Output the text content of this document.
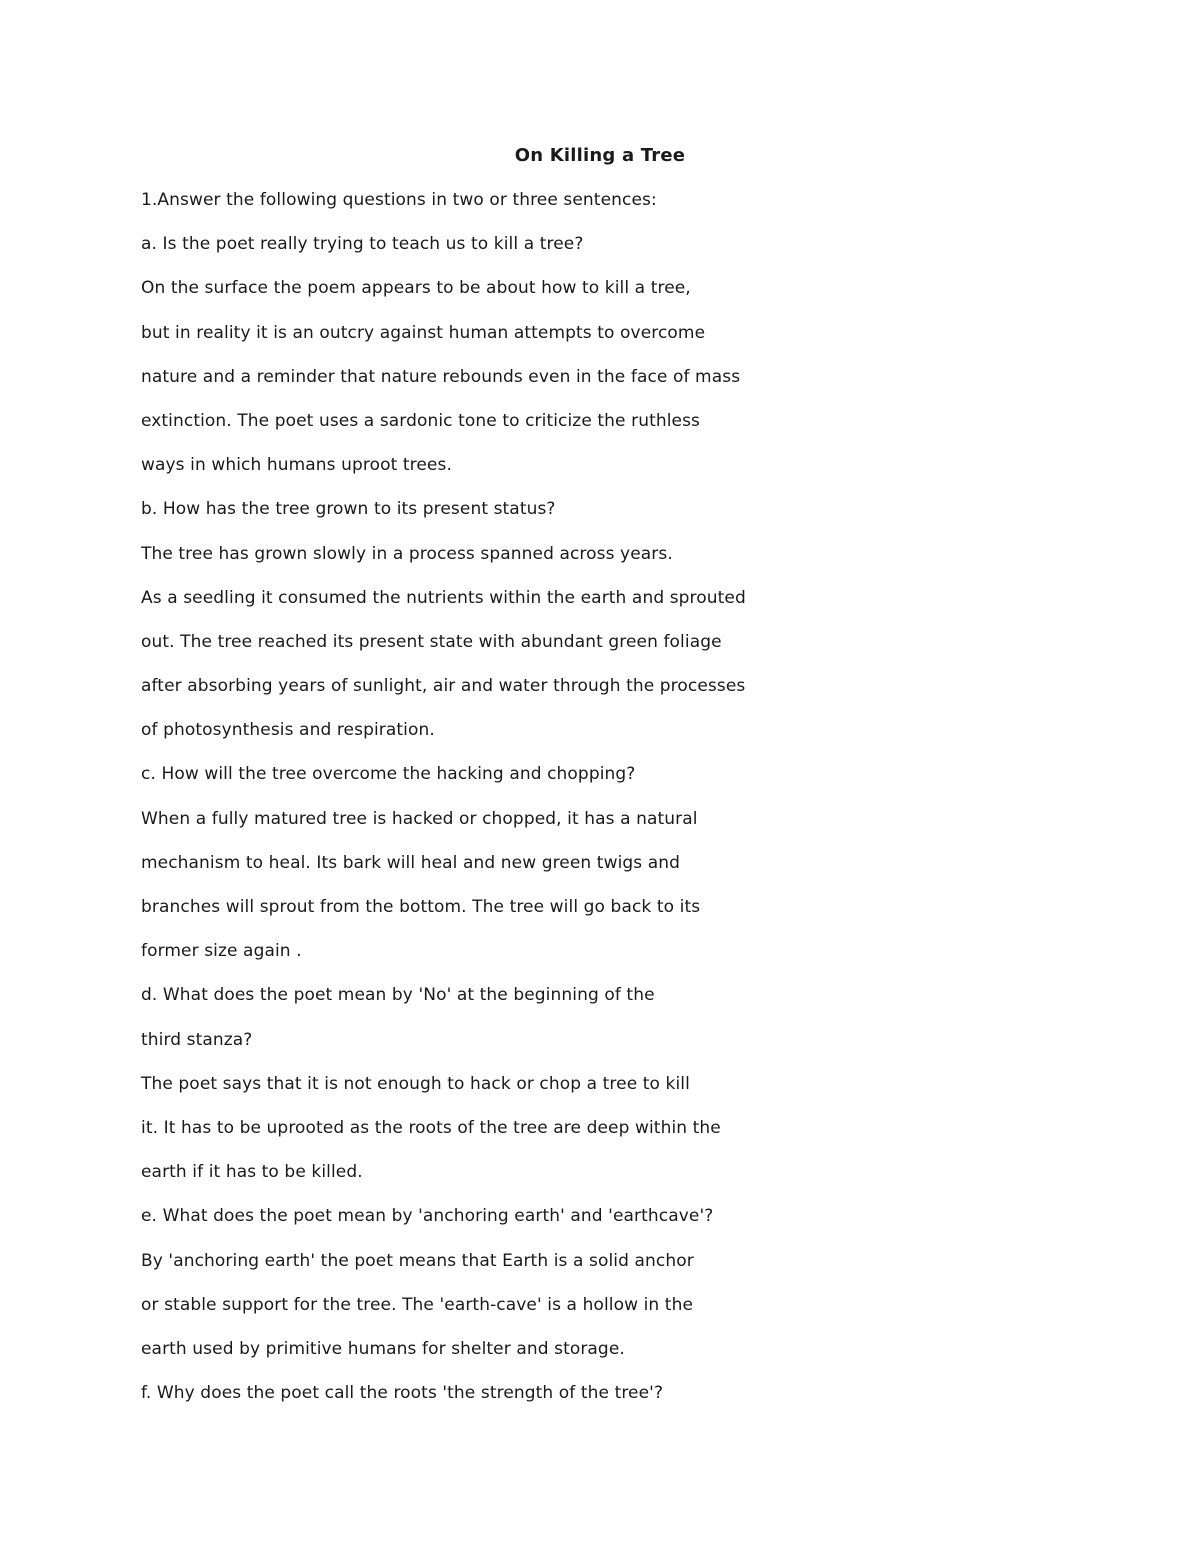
On Killing a Tree
1.Answer the following questions in two or three sentences:
a. Is the poet really trying to teach us to kill a tree?
On the surface the poem appears to be about how to kill a tree,
but in reality it is an outcry against human attempts to overcome
nature and a reminder that nature rebounds even in the face of mass
extinction. The poet uses a sardonic tone to criticize the ruthless
ways in which humans uproot trees.
b. How has the tree grown to its present status?
The tree has grown slowly in a process spanned across years.
As a seedling it consumed the nutrients within the earth and sprouted
out. The tree reached its present state with abundant green foliage
after absorbing years of sunlight, air and water through the processes
of photosynthesis and respiration.
c. How will the tree overcome the hacking and chopping?
When a fully matured tree is hacked or chopped, it has a natural
mechanism to heal. Its bark will heal and new green twigs and
branches will sprout from the bottom. The tree will go back to its
former size again .
d. What does the poet mean by 'No' at the beginning of the
third stanza?
The poet says that it is not enough to hack or chop a tree to kill
it. It has to be uprooted as the roots of the tree are deep within the
earth if it has to be killed.
e. What does the poet mean by 'anchoring earth' and 'earthcave'?
By 'anchoring earth' the poet means that Earth is a solid anchor
or stable support for the tree. The 'earth-cave' is a hollow in the
earth used by primitive humans for shelter and storage.
f. Why does the poet call the roots 'the strength of the tree'?
